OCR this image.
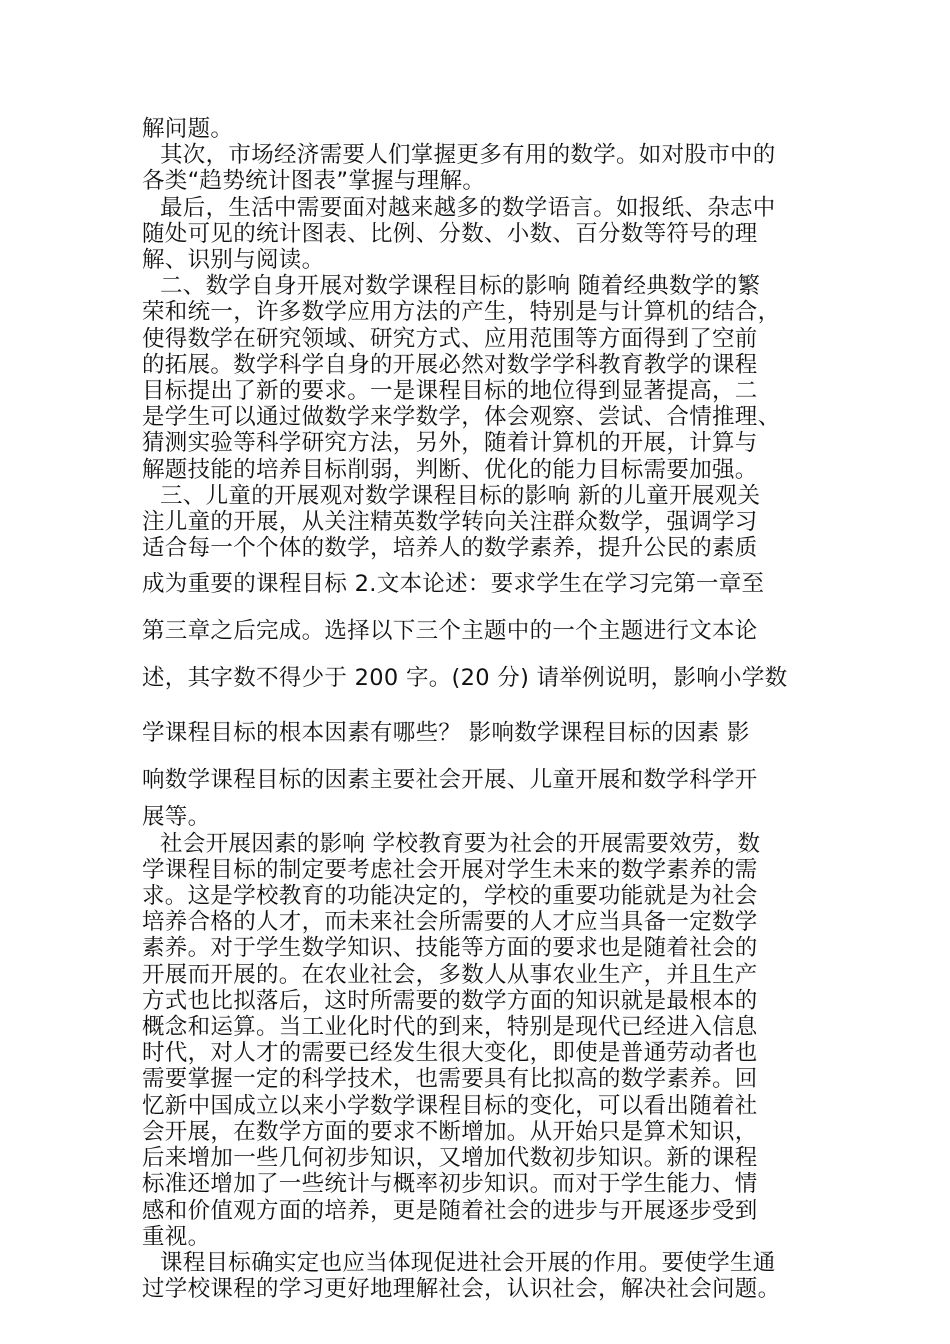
解问题。
其次，市场经济需要人们掌握更多有用的数学。如对股市中的
各类“趋势统计图表”掌握与理解。
最后，生活中需要面对越来越多的数学语言。如报纸、杂志中
随处可见的统计图表、比例、分数、小数、百分数等符号的理
解、识别与阅读。
二、数学自身开展对数学课程目标的影响 随着经典数学的繁
荣和统一，许多数学应用方法的产生，特别是与计算机的结合，
使得数学在研究领域、研究方式、应用范围等方面得到了空前
的拓展。数学科学自身的开展必然对数学学科教育教学的课程
目标提出了新的要求。一是课程目标的地位得到显著提高，二
是学生可以通过做数学来学数学，体会观察、尝试、合情推理、
猜测实验等科学研究方法，另外，随着计算机的开展，计算与
解题技能的培养目标削弱，判断、优化的能力目标需要加强。
三、儿童的开展观对数学课程目标的影响 新的儿童开展观关
注儿童的开展，从关注精英数学转向关注群众数学，强调学习
适合每一个个体的数学，培养人的数学素养，提升公民的素质
成为重要的课程目标 2.文本论述：要求学生在学习完第一章至
第三章之后完成。选择以下三个主题中的一个主题进行文本论
述，其字数不得少于 200 字。(20 分) 请举例说明，影响小学数
学课程目标的根本因素有哪些？ 影响数学课程目标的因素 影
响数学课程目标的因素主要社会开展、儿童开展和数学科学开
展等。
社会开展因素的影响 学校教育要为社会的开展需要效劳，数
学课程目标的制定要考虑社会开展对学生未来的数学素养的需
求。这是学校教育的功能决定的，学校的重要功能就是为社会
培养合格的人才，而未来社会所需要的人才应当具备一定数学
素养。对于学生数学知识、技能等方面的要求也是随着社会的
开展而开展的。在农业社会，多数人从事农业生产，并且生产
方式也比拟落后，这时所需要的数学方面的知识就是最根本的
概念和运算。当工业化时代的到来，特别是现代已经进入信息
时代，对人才的需要已经发生很大变化，即使是普通劳动者也
需要掌握一定的科学技术，也需要具有比拟高的数学素养。回
忆新中国成立以来小学数学课程目标的变化，可以看出随着社
会开展，在数学方面的要求不断增加。从开始只是算术知识，
后来增加一些几何初步知识，又增加代数初步知识。新的课程
标准还增加了一些统计与概率初步知识。而对于学生能力、情
感和价值观方面的培养，更是随着社会的进步与开展逐步受到
重视。
课程目标确实定也应当体现促进社会开展的作用。要使学生通
过学校课程的学习更好地理解社会，认识社会，解决社会问题。
